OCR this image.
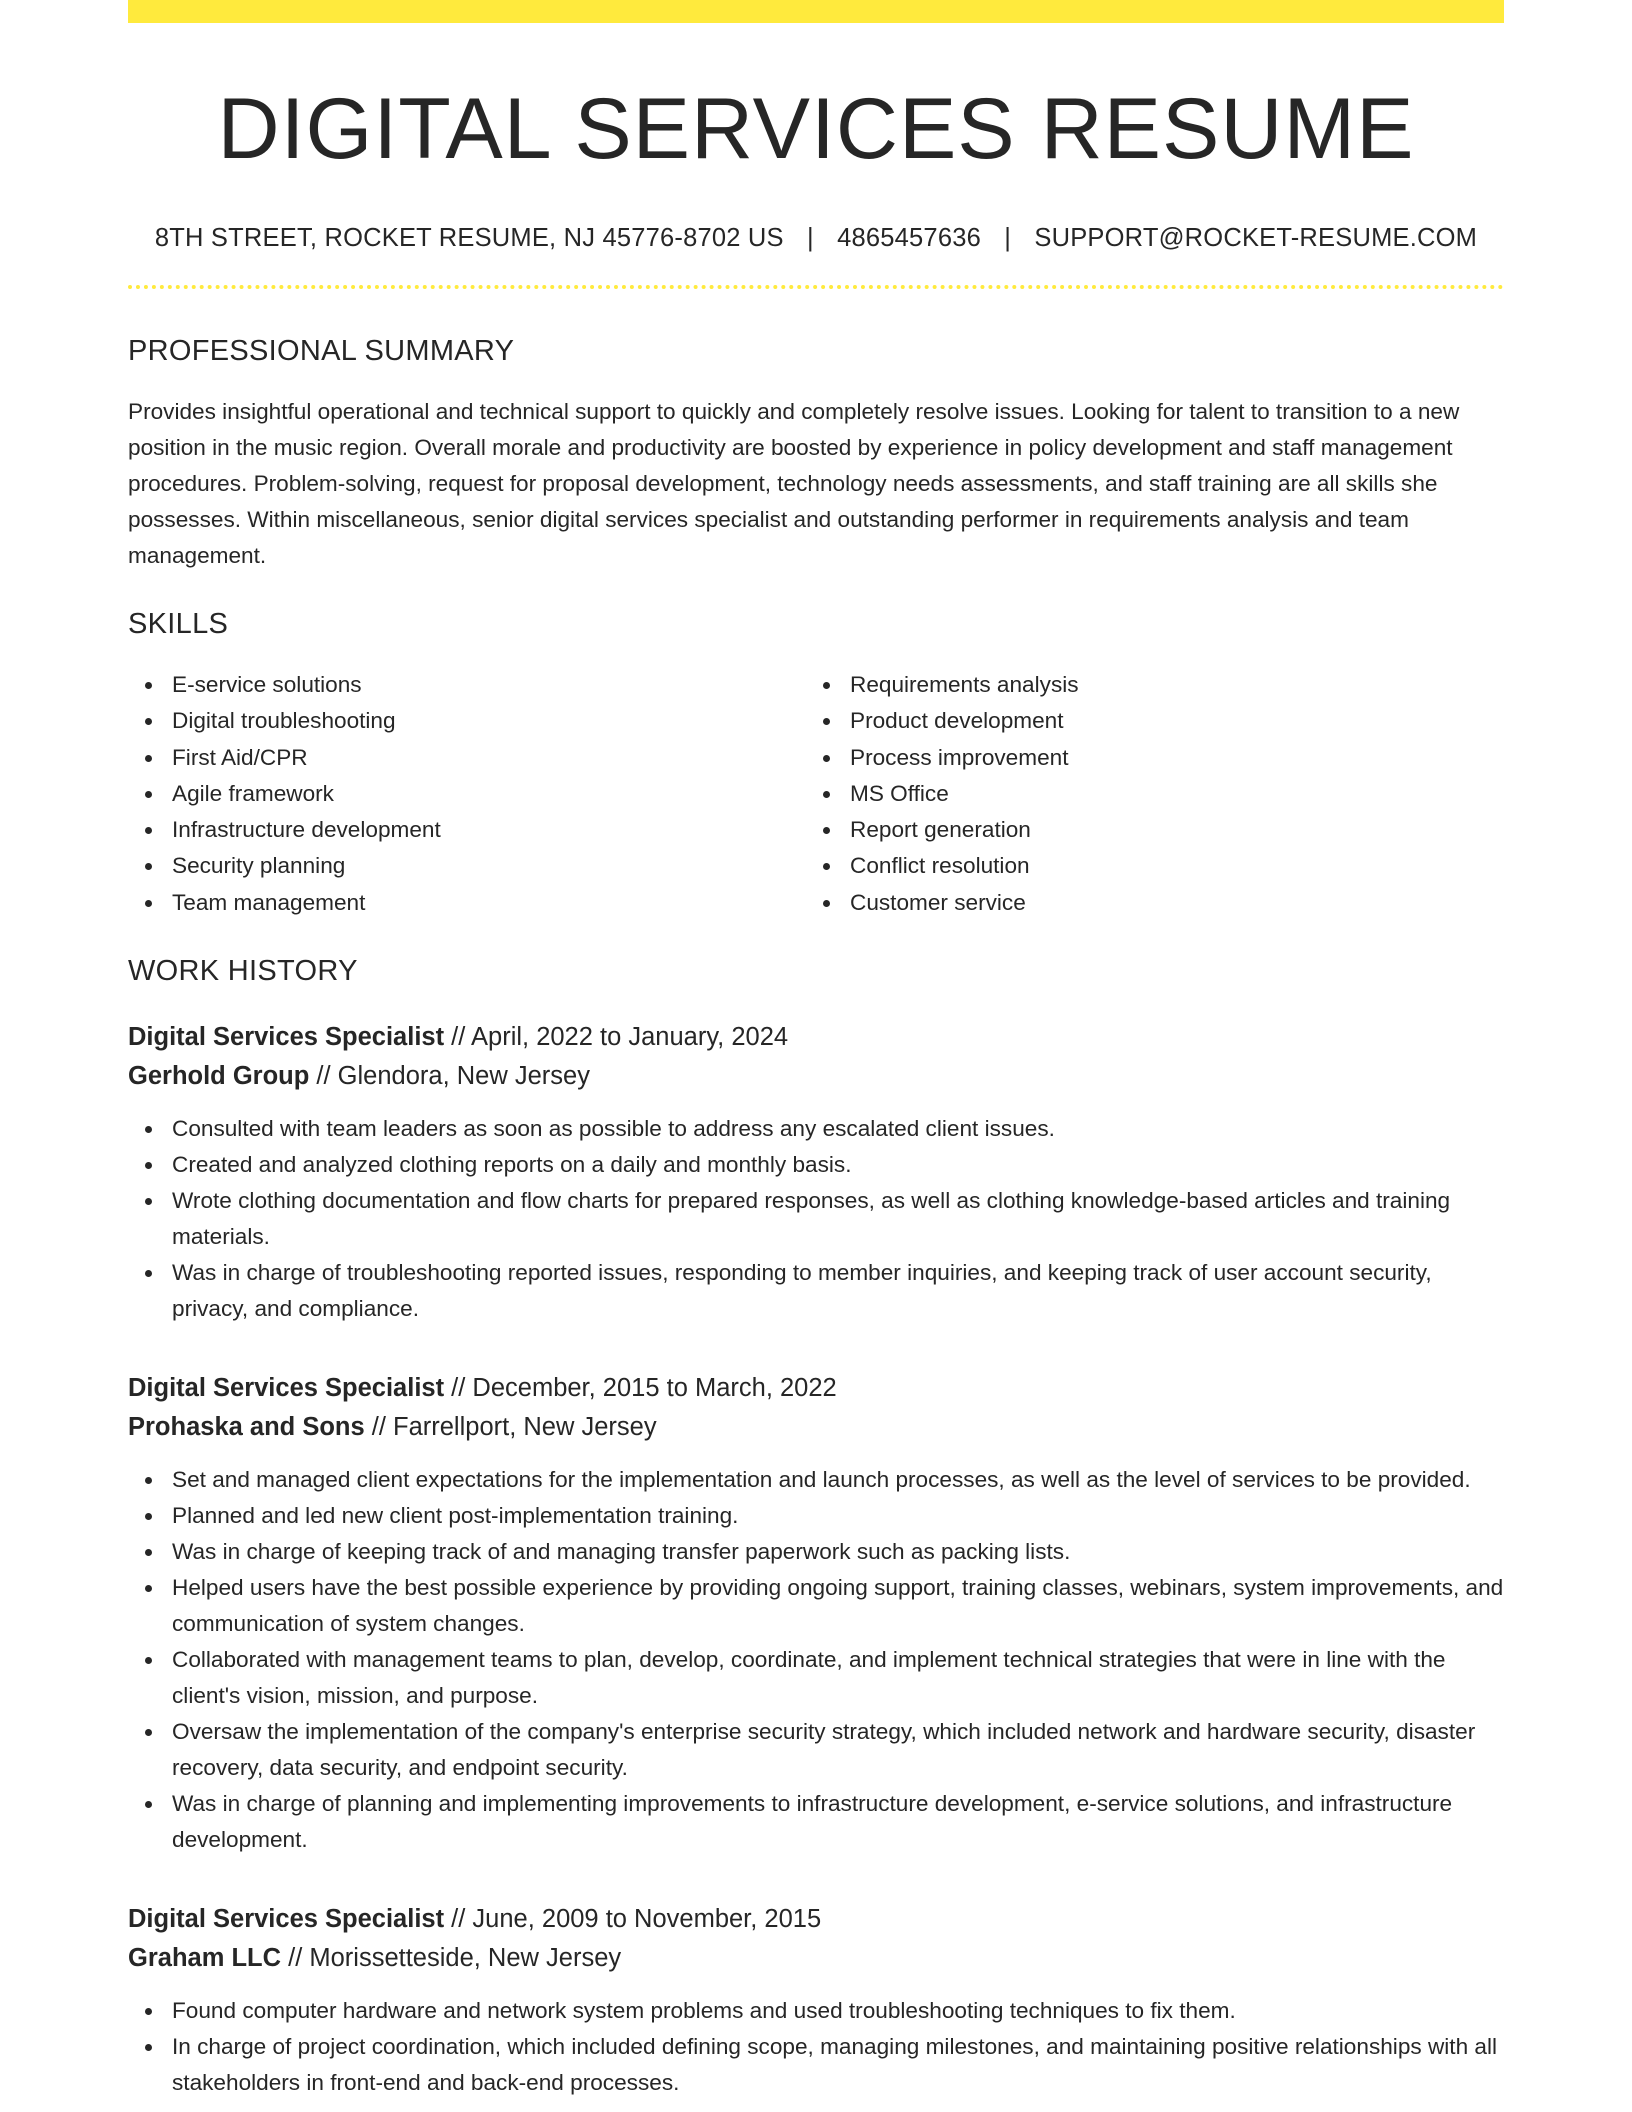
DIGITAL SERVICES RESUME
8TH STREET, ROCKET RESUME, NJ 45776-8702 US | 4865457636 | SUPPORT@ROCKET-RESUME.COM
PROFESSIONAL SUMMARY

Provides insightful operational and technical support to quickly and completely resolve issues. Looking for talent to transition to a new position in the music region. Overall morale and productivity are boosted by experience in policy development and staff management procedures. Problem-solving, request for proposal development, technology needs assessments, and staff training are all skills she possesses. Within miscellaneous, senior digital services specialist and outstanding performer in requirements analysis and team management.

SKILLS
E-service solutions
Digital troubleshooting
First Aid/CPR
Agile framework
Infrastructure development
Security planning
Team management
Requirements analysis
Product development
Process improvement
MS Office
Report generation
Conflict resolution
Customer service
WORK HISTORY
Digital Services Specialist // April, 2022 to January, 2024
Gerhold Group // Glendora, New Jersey
Consulted with team leaders as soon as possible to address any escalated client issues.
Created and analyzed clothing reports on a daily and monthly basis.
Wrote clothing documentation and flow charts for prepared responses, as well as clothing knowledge-based articles and training materials.
Was in charge of troubleshooting reported issues, responding to member inquiries, and keeping track of user account security, privacy, and compliance.
Digital Services Specialist // December, 2015 to March, 2022
Prohaska and Sons // Farrellport, New Jersey
Set and managed client expectations for the implementation and launch processes, as well as the level of services to be provided.
Planned and led new client post-implementation training.
Was in charge of keeping track of and managing transfer paperwork such as packing lists.
Helped users have the best possible experience by providing ongoing support, training classes, webinars, system improvements, and communication of system changes.
Collaborated with management teams to plan, develop, coordinate, and implement technical strategies that were in line with the client's vision, mission, and purpose.
Oversaw the implementation of the company's enterprise security strategy, which included network and hardware security, disaster recovery, data security, and endpoint security.
Was in charge of planning and implementing improvements to infrastructure development, e-service solutions, and infrastructure development.
Digital Services Specialist // June, 2009 to November, 2015
Graham LLC // Morissetteside, New Jersey
Found computer hardware and network system problems and used troubleshooting techniques to fix them.
In charge of project coordination, which included defining scope, managing milestones, and maintaining positive relationships with all stakeholders in front-end and back-end processes.
